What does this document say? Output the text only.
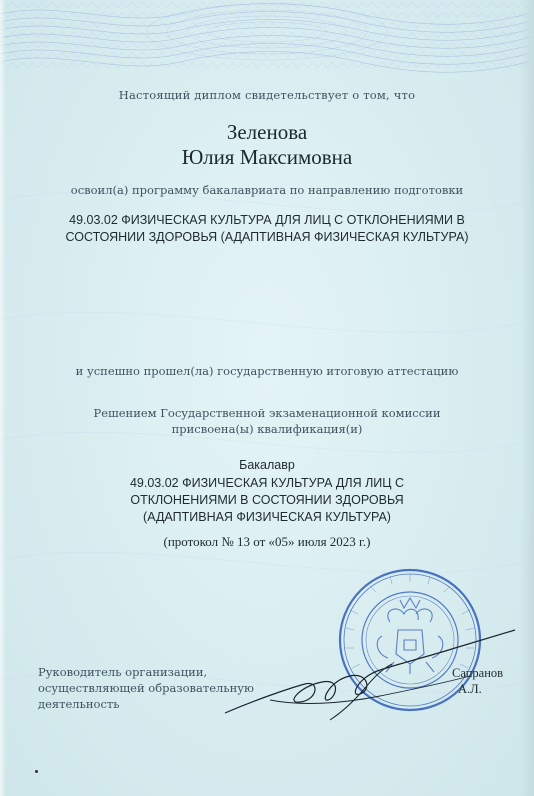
Настоящий диплом свидетельствует о том, что
Зеленова
Юлия Максимовна
освоил(а) программу бакалавриата по направлению подготовки
49.03.02 ФИЗИЧЕСКАЯ КУЛЬТУРА ДЛЯ ЛИЦ С ОТКЛОНЕНИЯМИ В
СОСТОЯНИИ ЗДОРОВЬЯ (АДАПТИВНАЯ ФИЗИЧЕСКАЯ КУЛЬТУРА)
и успешно прошел(ла) государственную итоговую аттестацию
Решением Государственной экзаменационной комиссии
присвоена(ы) квалификация(и)
Бакалавр
49.03.02 ФИЗИЧЕСКАЯ КУЛЬТУРА ДЛЯ ЛИЦ С
ОТКЛОНЕНИЯМИ В СОСТОЯНИИ ЗДОРОВЬЯ
(АДАПТИВНАЯ ФИЗИЧЕСКАЯ КУЛЬТУРА)
(протокол № 13 от «05» июля 2023 г.)
Руководитель организации,
осуществляющей образовательную
деятельность
Сапранов
А.Л.
